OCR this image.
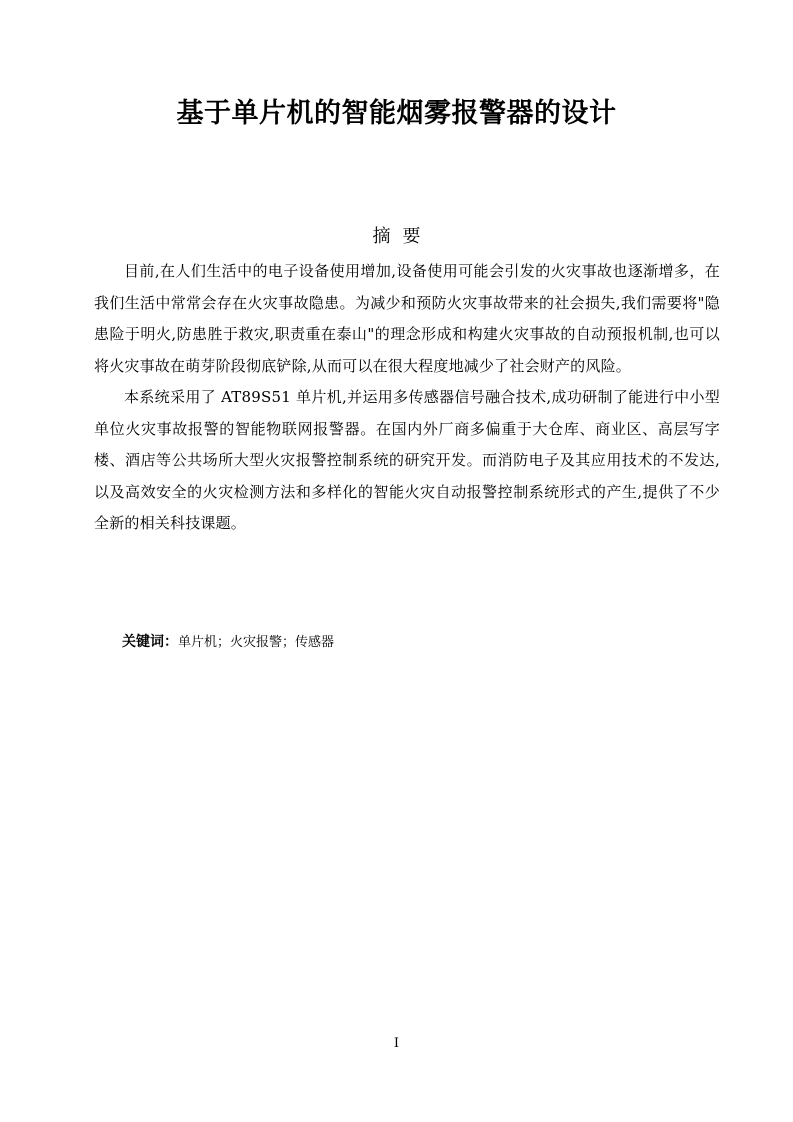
基于单片机的智能烟雾报警器的设计
摘要

目前,在人们生活中的电子设备使用增加,设备使用可能会引发的火灾事故也逐渐增多，在我们生活中常常会存在火灾事故隐患。为减少和预防火灾事故带来的社会损失,我们需要将"隐患险于明火,防患胜于救灾,职责重在泰山"的理念形成和构建火灾事故的自动预报机制,也可以将火灾事故在萌芽阶段彻底铲除,从而可以在很大程度地减少了社会财产的风险。

本系统采用了 AT89S51 单片机,并运用多传感器信号融合技术,成功研制了能进行中小型单位火灾事故报警的智能物联网报警器。在国内外厂商多偏重于大仓库、商业区、高层写字楼、酒店等公共场所大型火灾报警控制系统的研究开发。而消防电子及其应用技术的不发达,以及高效安全的火灾检测方法和多样化的智能火灾自动报警控制系统形式的产生,提供了不少全新的相关科技课题。

关键词：单片机；火灾报警；传感器
I
